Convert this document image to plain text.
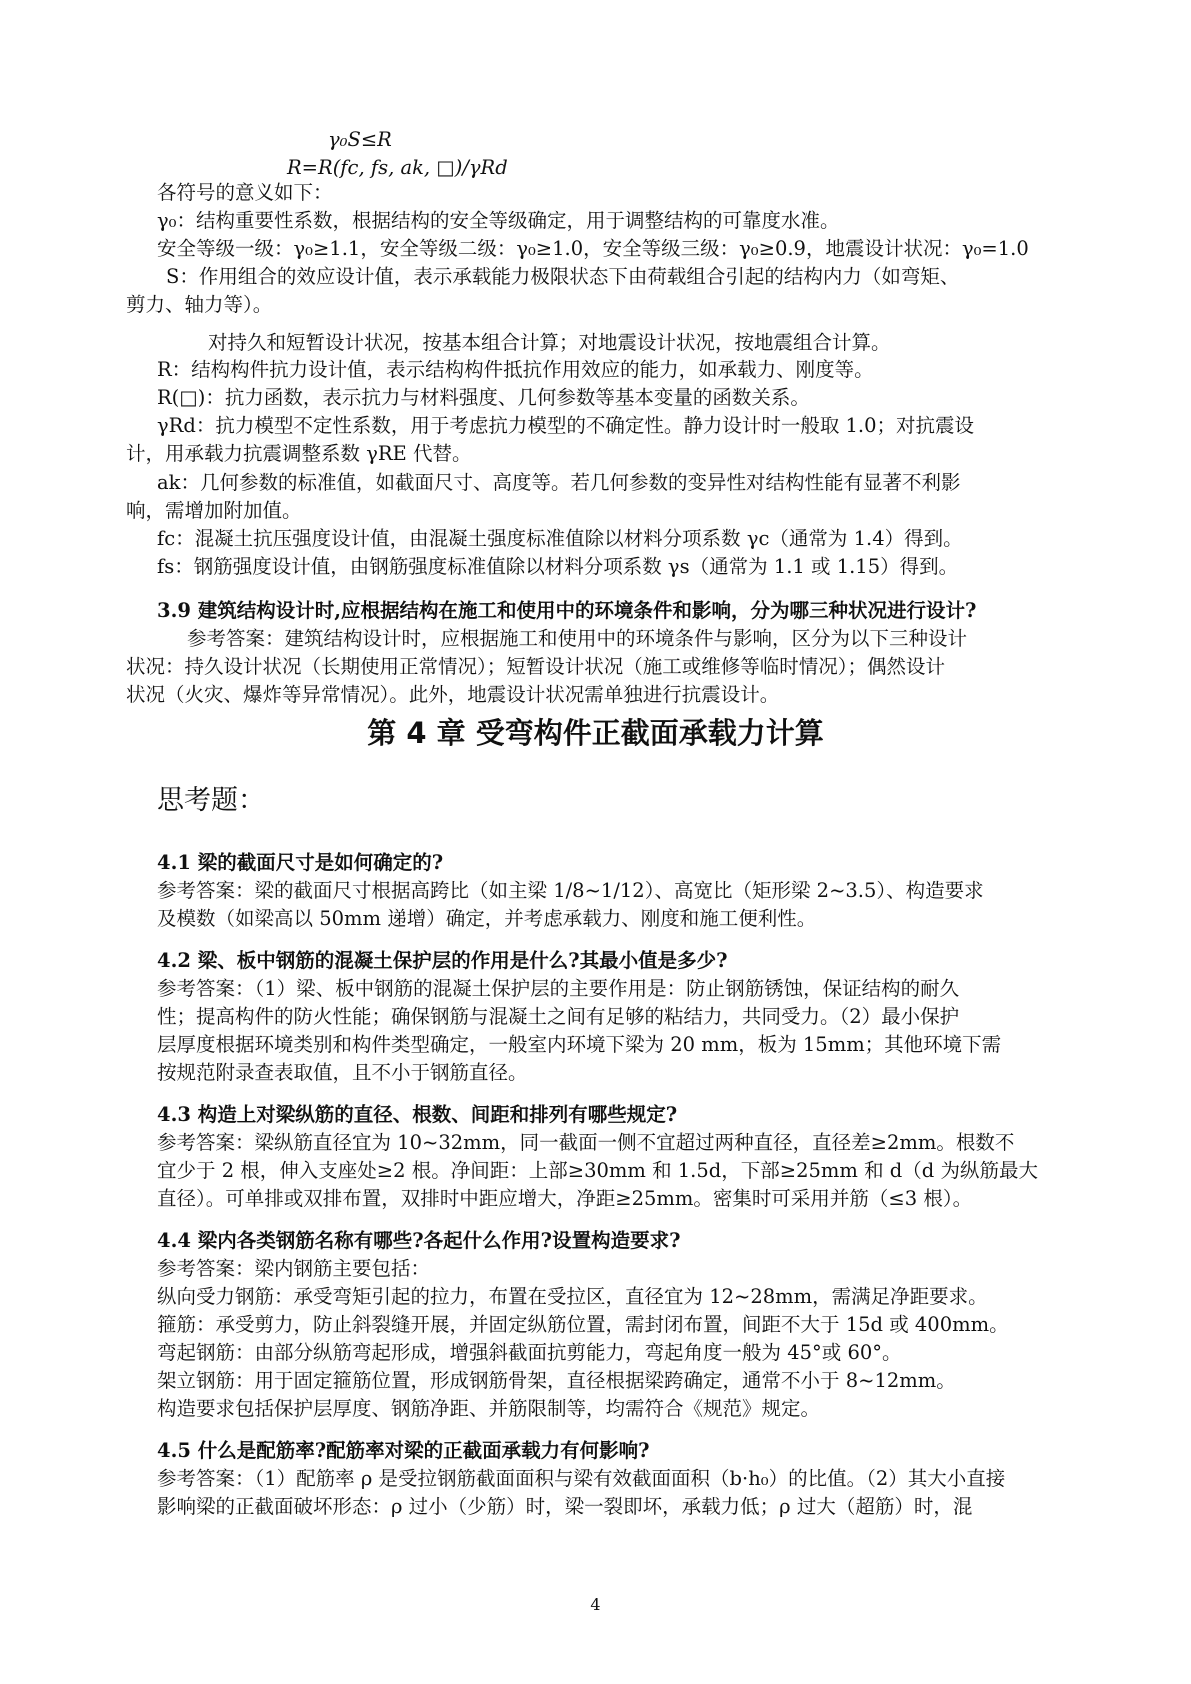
γ₀S≤R
R=R(fc, fs, ak, □)/γRd
各符号的意义如下：
γ₀：结构重要性系数，根据结构的安全等级确定，用于调整结构的可靠度水准。
安全等级一级：γ₀≥1.1，安全等级二级：γ₀≥1.0，安全等级三级：γ₀≥0.9，地震设计状况：γ₀=1.0
S：作用组合的效应设计值，表示承载能力极限状态下由荷载组合引起的结构内力（如弯矩、
剪力、轴力等）。
对持久和短暂设计状况，按基本组合计算；对地震设计状况，按地震组合计算。
R：结构构件抗力设计值，表示结构构件抵抗作用效应的能力，如承载力、刚度等。
R(□)：抗力函数，表示抗力与材料强度、几何参数等基本变量的函数关系。
γRd：抗力模型不定性系数，用于考虑抗力模型的不确定性。静力设计时一般取 1.0；对抗震设
计，用承载力抗震调整系数 γRE 代替。
ak：几何参数的标准值，如截面尺寸、高度等。若几何参数的变异性对结构性能有显著不利影
响，需增加附加值。
fc：混凝土抗压强度设计值，由混凝土强度标准值除以材料分项系数 γc（通常为 1.4）得到。
fs：钢筋强度设计值，由钢筋强度标准值除以材料分项系数 γs（通常为 1.1 或 1.15）得到。
3.9 建筑结构设计时,应根据结构在施工和使用中的环境条件和影响，分为哪三种状况进行设计?
参考答案：建筑结构设计时，应根据施工和使用中的环境条件与影响，区分为以下三种设计
状况：持久设计状况（长期使用正常情况）；短暂设计状况（施工或维修等临时情况）；偶然设计
状况（火灾、爆炸等异常情况）。此外，地震设计状况需单独进行抗震设计。
第 4 章 受弯构件正截面承载力计算
思考题：
4.1 梁的截面尺寸是如何确定的?
参考答案：梁的截面尺寸根据高跨比（如主梁 1/8~1/12）、高宽比（矩形梁 2~3.5）、构造要求
及模数（如梁高以 50mm 递增）确定，并考虑承载力、刚度和施工便利性。
4.2 梁、板中钢筋的混凝土保护层的作用是什么?其最小值是多少?
参考答案：（1）梁、板中钢筋的混凝土保护层的主要作用是：防止钢筋锈蚀，保证结构的耐久
性；提高构件的防火性能；确保钢筋与混凝土之间有足够的粘结力，共同受力。（2）最小保护
层厚度根据环境类别和构件类型确定，一般室内环境下梁为 20 mm，板为 15mm；其他环境下需
按规范附录查表取值，且不小于钢筋直径。
4.3 构造上对梁纵筋的直径、根数、间距和排列有哪些规定?
参考答案：梁纵筋直径宜为 10~32mm，同一截面一侧不宜超过两种直径，直径差≥2mm。根数不
宜少于 2 根，伸入支座处≥2 根。净间距：上部≥30mm 和 1.5d，下部≥25mm 和 d（d 为纵筋最大
直径）。可单排或双排布置，双排时中距应增大，净距≥25mm。密集时可采用并筋（≤3 根）。
4.4 梁内各类钢筋名称有哪些?各起什么作用?设置构造要求?
参考答案：梁内钢筋主要包括：
纵向受力钢筋：承受弯矩引起的拉力，布置在受拉区，直径宜为 12~28mm，需满足净距要求。
箍筋：承受剪力，防止斜裂缝开展，并固定纵筋位置，需封闭布置，间距不大于 15d 或 400mm。
弯起钢筋：由部分纵筋弯起形成，增强斜截面抗剪能力，弯起角度一般为 45°或 60°。
架立钢筋：用于固定箍筋位置，形成钢筋骨架，直径根据梁跨确定，通常不小于 8~12mm。
构造要求包括保护层厚度、钢筋净距、并筋限制等，均需符合《规范》规定。
4.5 什么是配筋率?配筋率对梁的正截面承载力有何影响?
参考答案：（1）配筋率 ρ 是受拉钢筋截面面积与梁有效截面面积（b·h₀）的比值。（2）其大小直接
影响梁的正截面破坏形态：ρ 过小（少筋）时，梁一裂即坏，承载力低；ρ 过大（超筋）时，混
4
